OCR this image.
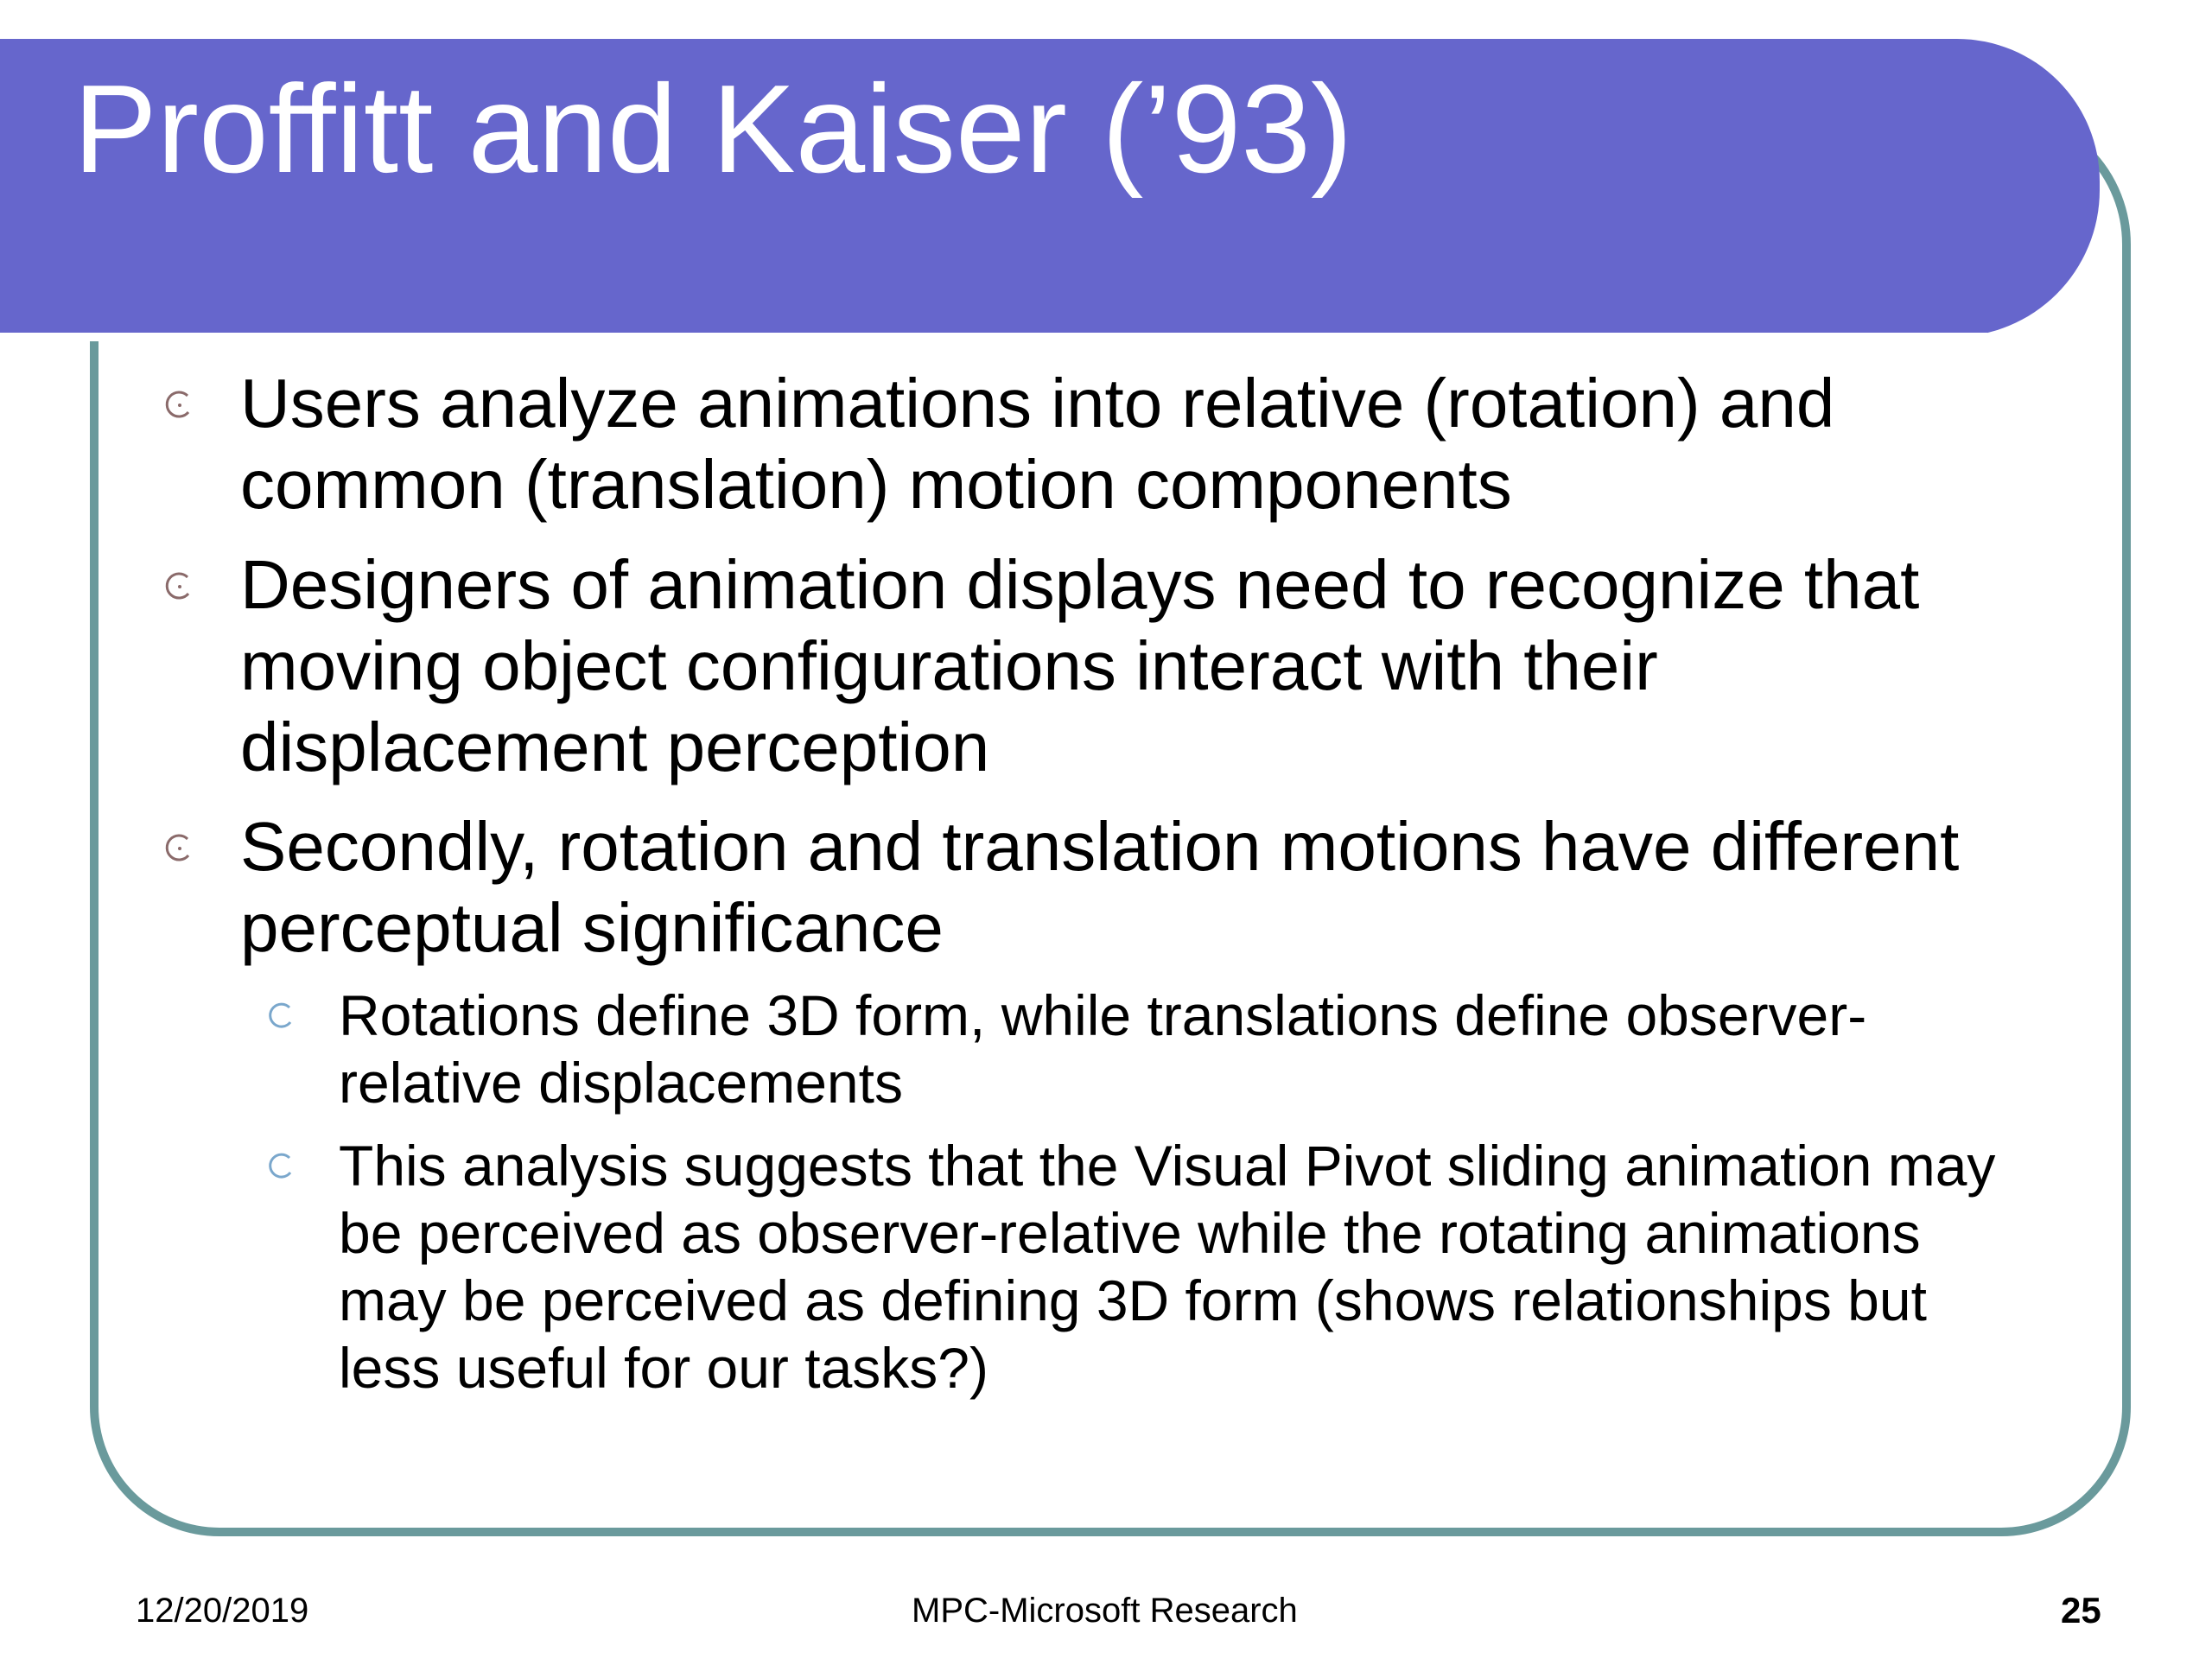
Proffitt and Kaiser (’93)

Users analyze animations into relative (rotation) and
common (translation) motion components

Designers of animation displays need to recognize that
moving object configurations interact with their
displacement perception

Secondly, rotation and translation motions have different
perceptual significance

Rotations define 3D form, while translations define observer-
relative displacements

This analysis suggests that the Visual Pivot sliding animation may
be perceived as observer-relative while the rotating animations
may be perceived as defining 3D form (shows relationships but
less useful for our tasks?)

12/20/2019	MPC-Microsoft Research	25
